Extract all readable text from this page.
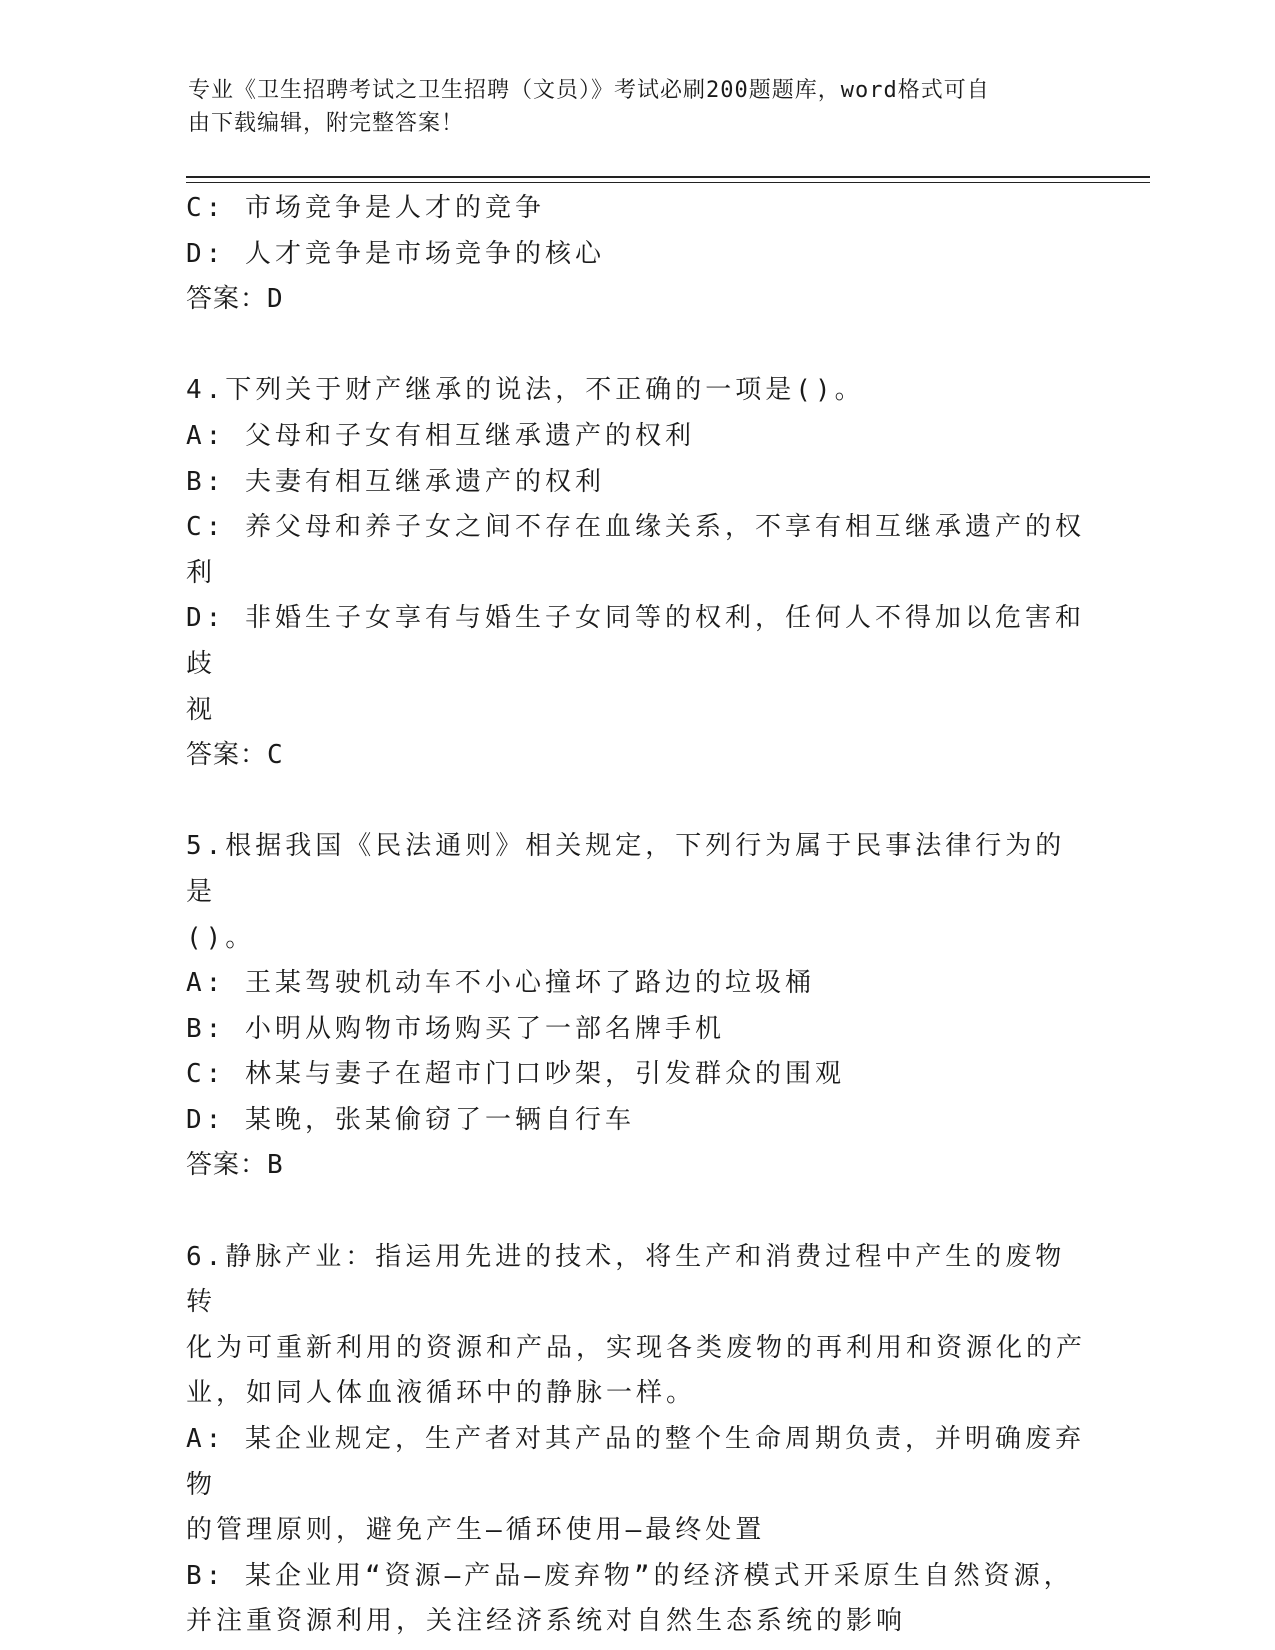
专业《卫生招聘考试之卫生招聘（文员）》考试必刷200题题库，word格式可自
由下载编辑，附完整答案！
C: 市场竞争是人才的竞争
D: 人才竞争是市场竞争的核心
答案：D
4.下列关于财产继承的说法，不正确的一项是()。
A: 父母和子女有相互继承遗产的权利
B: 夫妻有相互继承遗产的权利
C: 养父母和养子女之间不存在血缘关系，不享有相互继承遗产的权利
D: 非婚生子女享有与婚生子女同等的权利，任何人不得加以危害和歧
视
答案：C
5.根据我国《民法通则》相关规定，下列行为属于民事法律行为的是
()。
A: 王某驾驶机动车不小心撞坏了路边的垃圾桶
B: 小明从购物市场购买了一部名牌手机
C: 林某与妻子在超市门口吵架，引发群众的围观
D: 某晚，张某偷窃了一辆自行车
答案：B
6.静脉产业：指运用先进的技术，将生产和消费过程中产生的废物转
化为可重新利用的资源和产品，实现各类废物的再利用和资源化的产
业，如同人体血液循环中的静脉一样。
A: 某企业规定，生产者对其产品的整个生命周期负责，并明确废弃物
的管理原则，避免产生—循环使用—最终处置
B: 某企业用“资源—产品—废弃物”的经济模式开采原生自然资源，
并注重资源利用，关注经济系统对自然生态系统的影响
